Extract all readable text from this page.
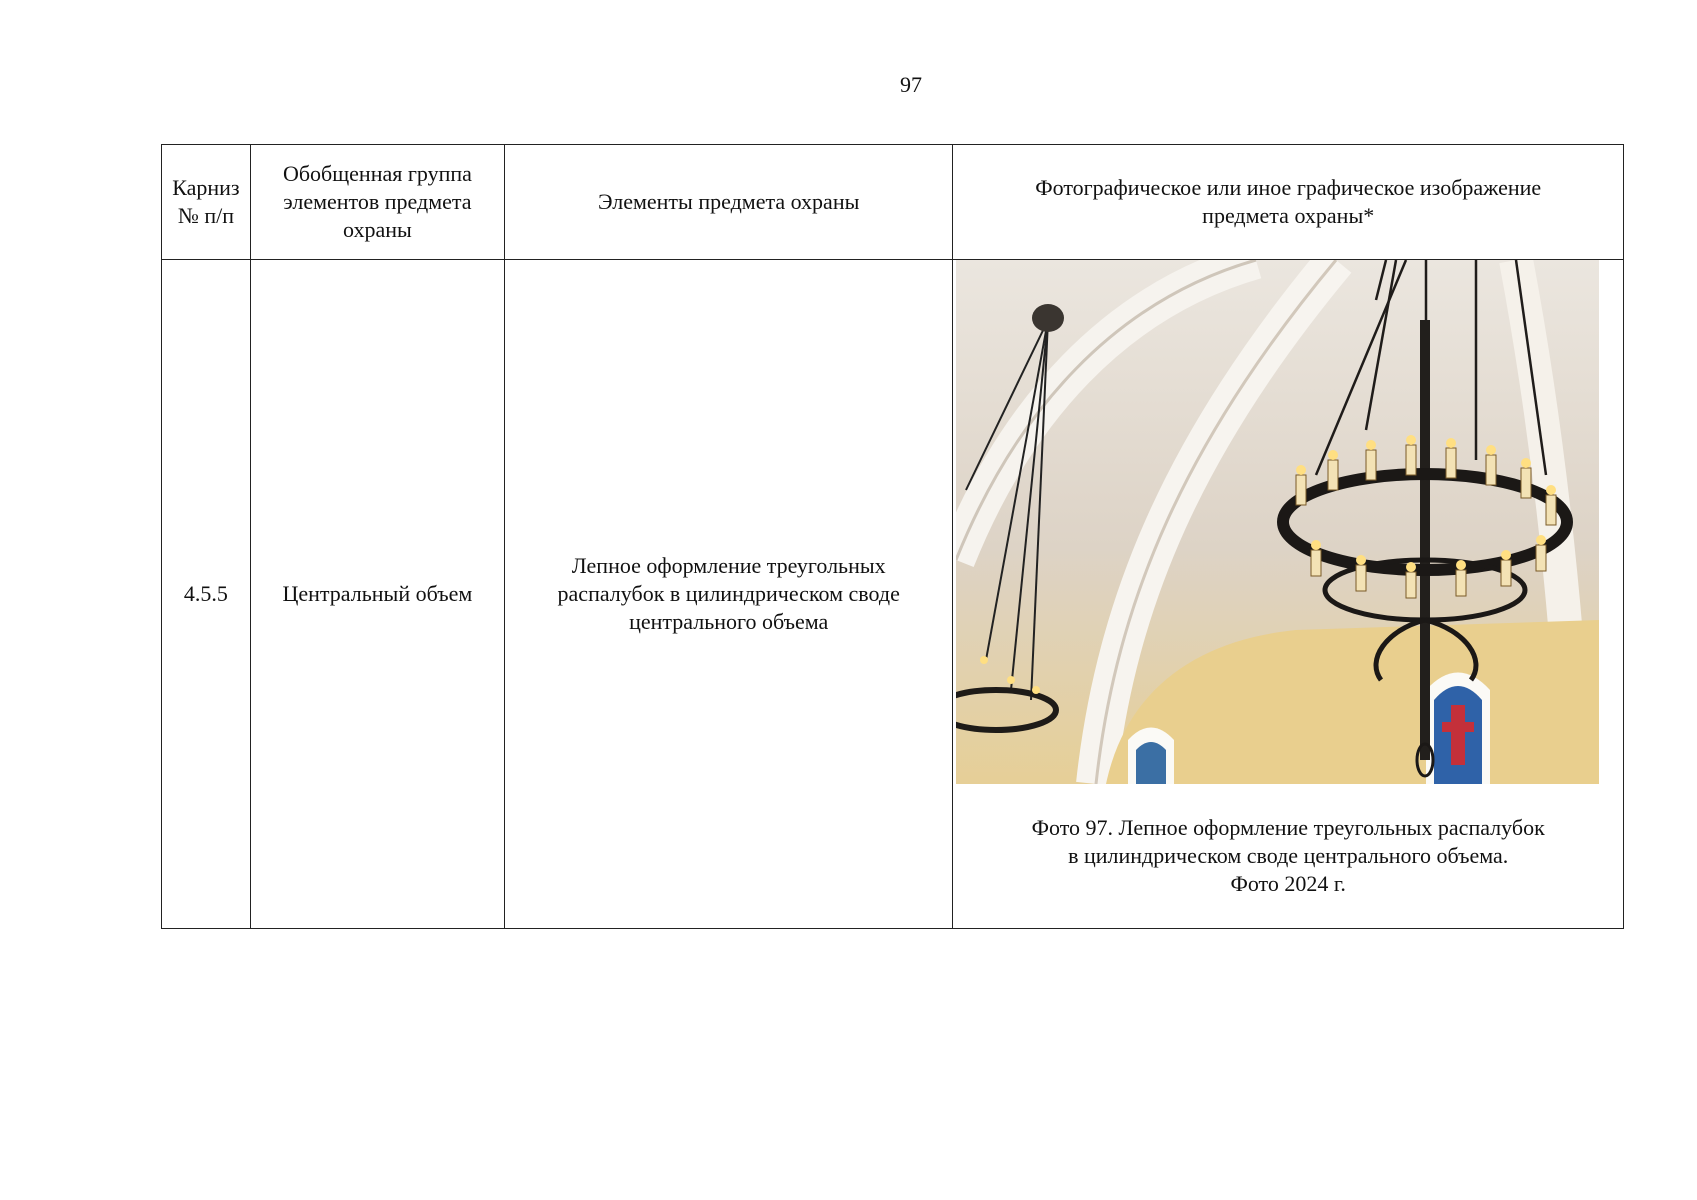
97
Карниз
№ п/п	Обобщенная группа элементов предмета охраны	Элементы предмета охраны	Фотографическое или иное графическое изображение предмета охраны*
4.5.5	Центральный объем	Лепное оформление треугольных распалубок в цилиндрическом своде центрального объема	Фото 97. Лепное оформление треугольных распалубок
в цилиндрическом своде центрального объема.
Фото 2024 г.
